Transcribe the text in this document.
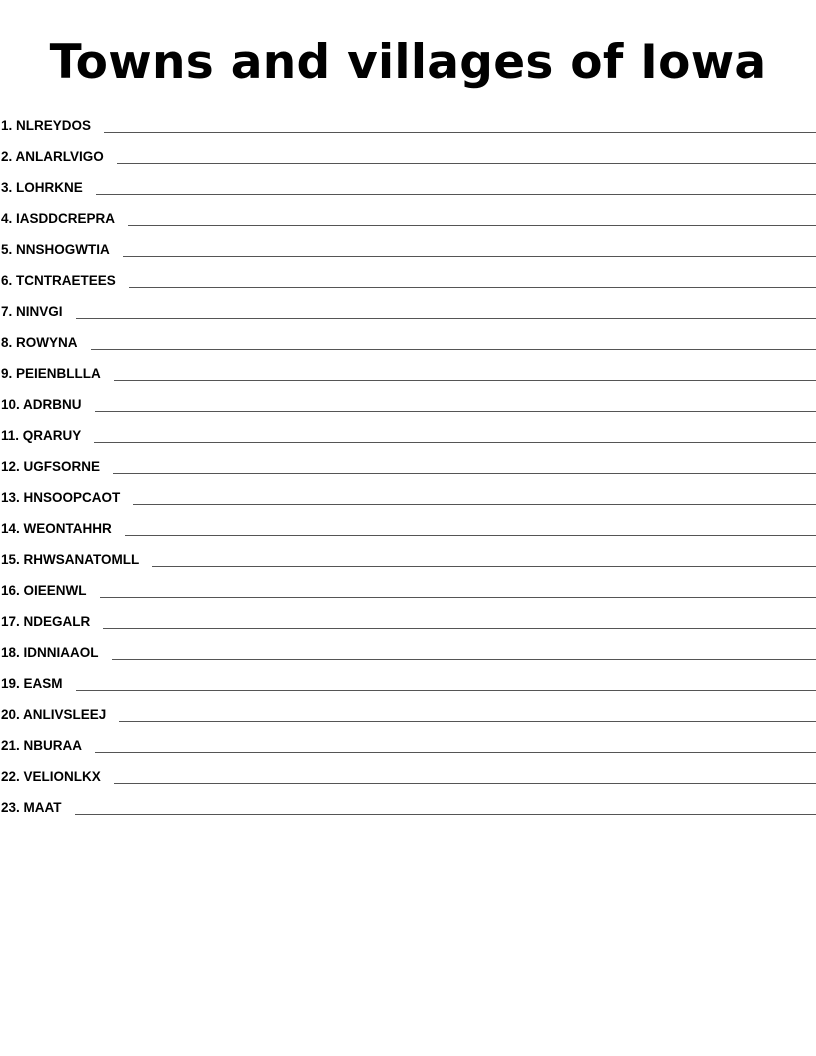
Towns and villages of Iowa
1. NLREYDOS
2. ANLARLVIGO
3. LOHRKNE
4. IASDDCREPRA
5. NNSHOGWTIA
6. TCNTRAETEES
7. NINVGI
8. ROWYNA
9. PEIENBLLLA
10. ADRBNU
11. QRARUY
12. UGFSORNE
13. HNSOOPCAOT
14. WEONTAHHR
15. RHWSANATOMLL
16. OIEENWL
17. NDEGALR
18. IDNNIAAOL
19. EASM
20. ANLIVSLEEJ
21. NBURAA
22. VELIONLKX
23. MAAT
